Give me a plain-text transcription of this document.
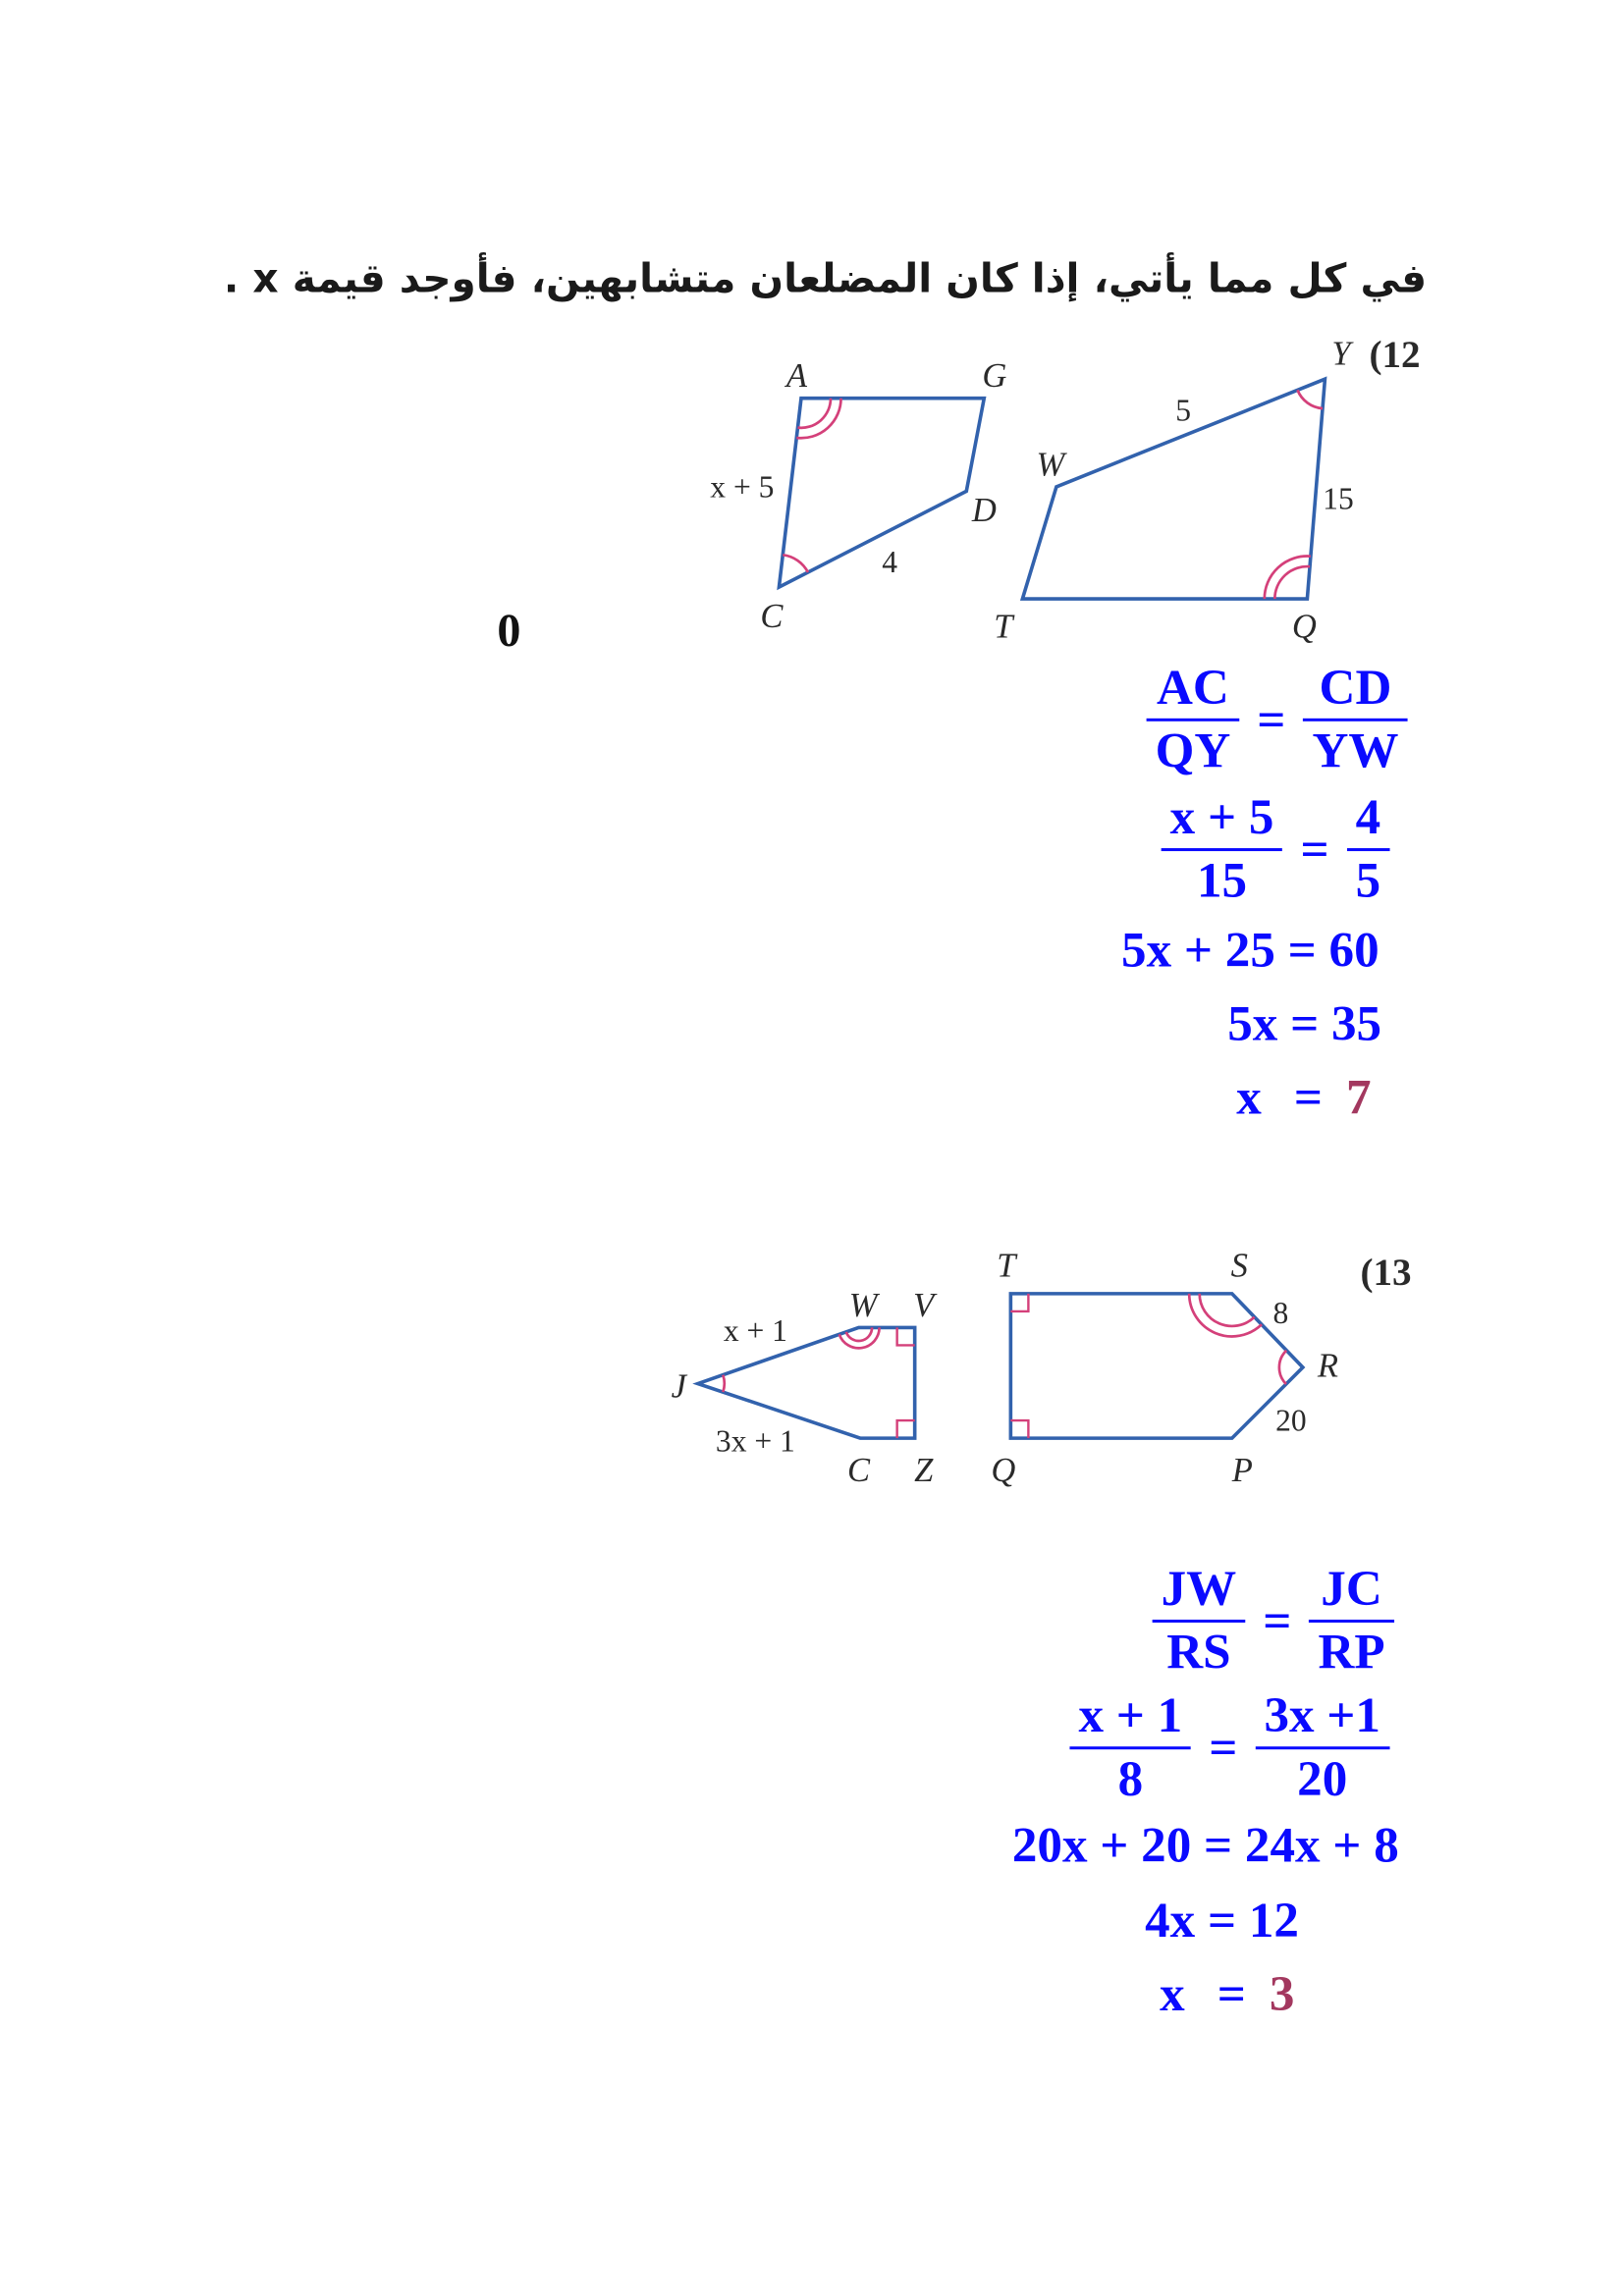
في كل مما يأتي، إذا كان المضلعان متشابهين، فأوجد قيمة x .
0
(12
A	G
D
C
x + 5
4
W
Y
Q
T
5
15
$\frac{AC}{QY} = \frac{CD}{YW}$
$\frac{x + 5}{15} = \frac{4}{5}$
5x + 25 = 60
5x = 35
x = 7
(13
J
W V
Z
C
x + 1
3x + 1
T	S
R
P
Q
8
20
$\frac{JW}{RS} = \frac{JC}{RP}$
$\frac{x + 1}{8} = \frac{3x +1}{20}$
20x + 20 = 24x + 8
4x = 12
x = 3
